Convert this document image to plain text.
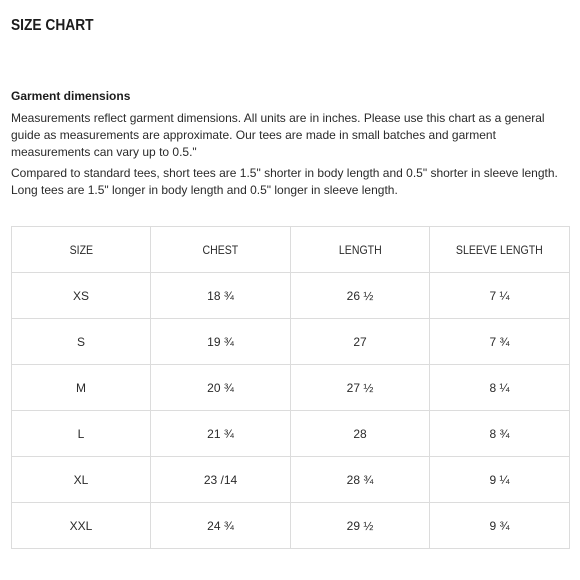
SIZE CHART
Garment dimensions

Measurements reflect garment dimensions. All units are in inches. Please use this chart as a general guide as measurements are approximate. Our tees are made in small batches and garment measurements can vary up to 0.5."

Compared to standard tees, short tees are 1.5" shorter in body length and 0.5" shorter in sleeve length. Long tees are 1.5" longer in body length and 0.5" longer in sleeve length.

SIZE	CHEST	LENGTH	SLEEVE LENGTH
XS	18 ¾	26 ½	7 ¼
S	19 ¾	27	7 ¾
M	20 ¾	27 ½	8 ¼
L	21 ¾	28	8 ¾
XL	23 /14	28 ¾	9 ¼
XXL	24 ¾	29 ½	9 ¾
